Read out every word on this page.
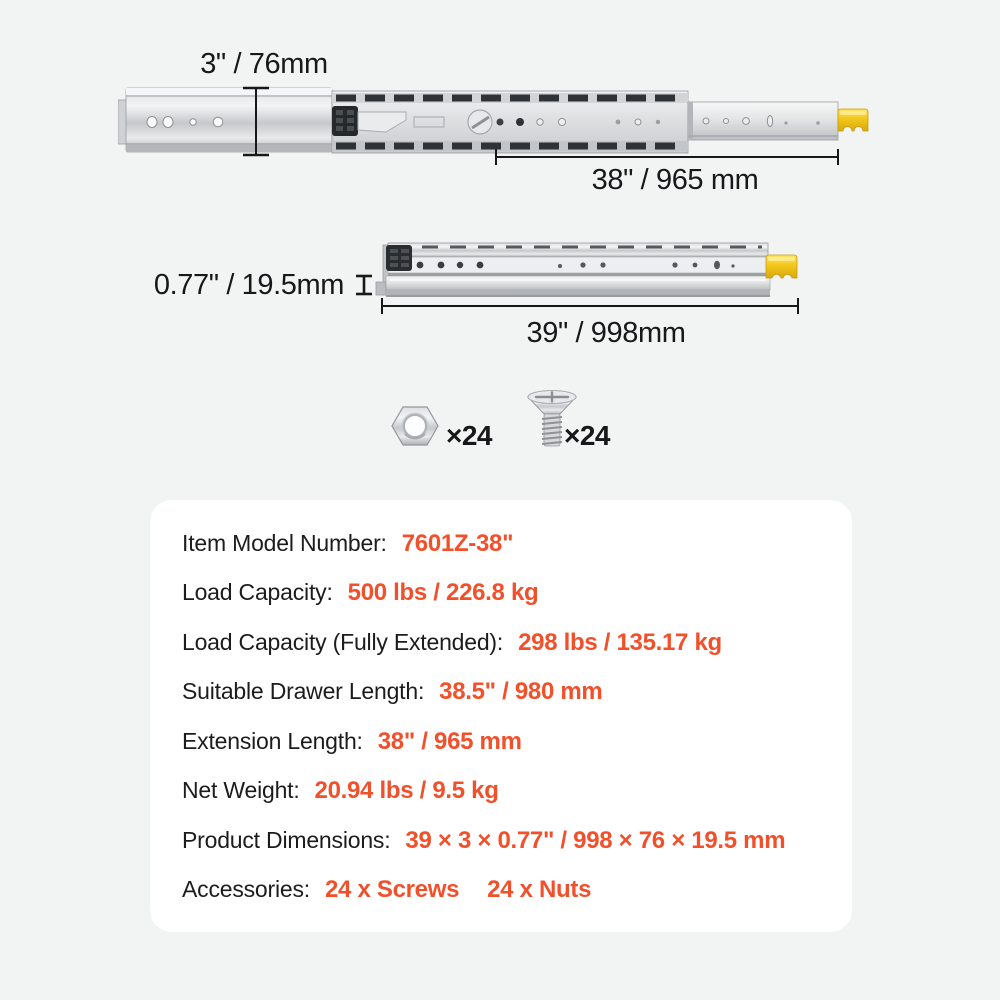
3" / 76mm
38" / 965 mm
0.77" / 19.5mm
39" / 998mm
×24	×24
Item Model Number: 7601Z-38"
Load Capacity: 500 lbs / 226.8 kg
Load Capacity (Fully Extended): 298 lbs / 135.17 kg
Suitable Drawer Length: 38.5" / 980 mm
Extension Length: 38" / 965 mm
Net Weight: 20.94 lbs / 9.5 kg
Product Dimensions: 39 × 3 × 0.77" / 998 × 76 × 19.5 mm
Accessories: 24 x Screws 24 x Nuts
